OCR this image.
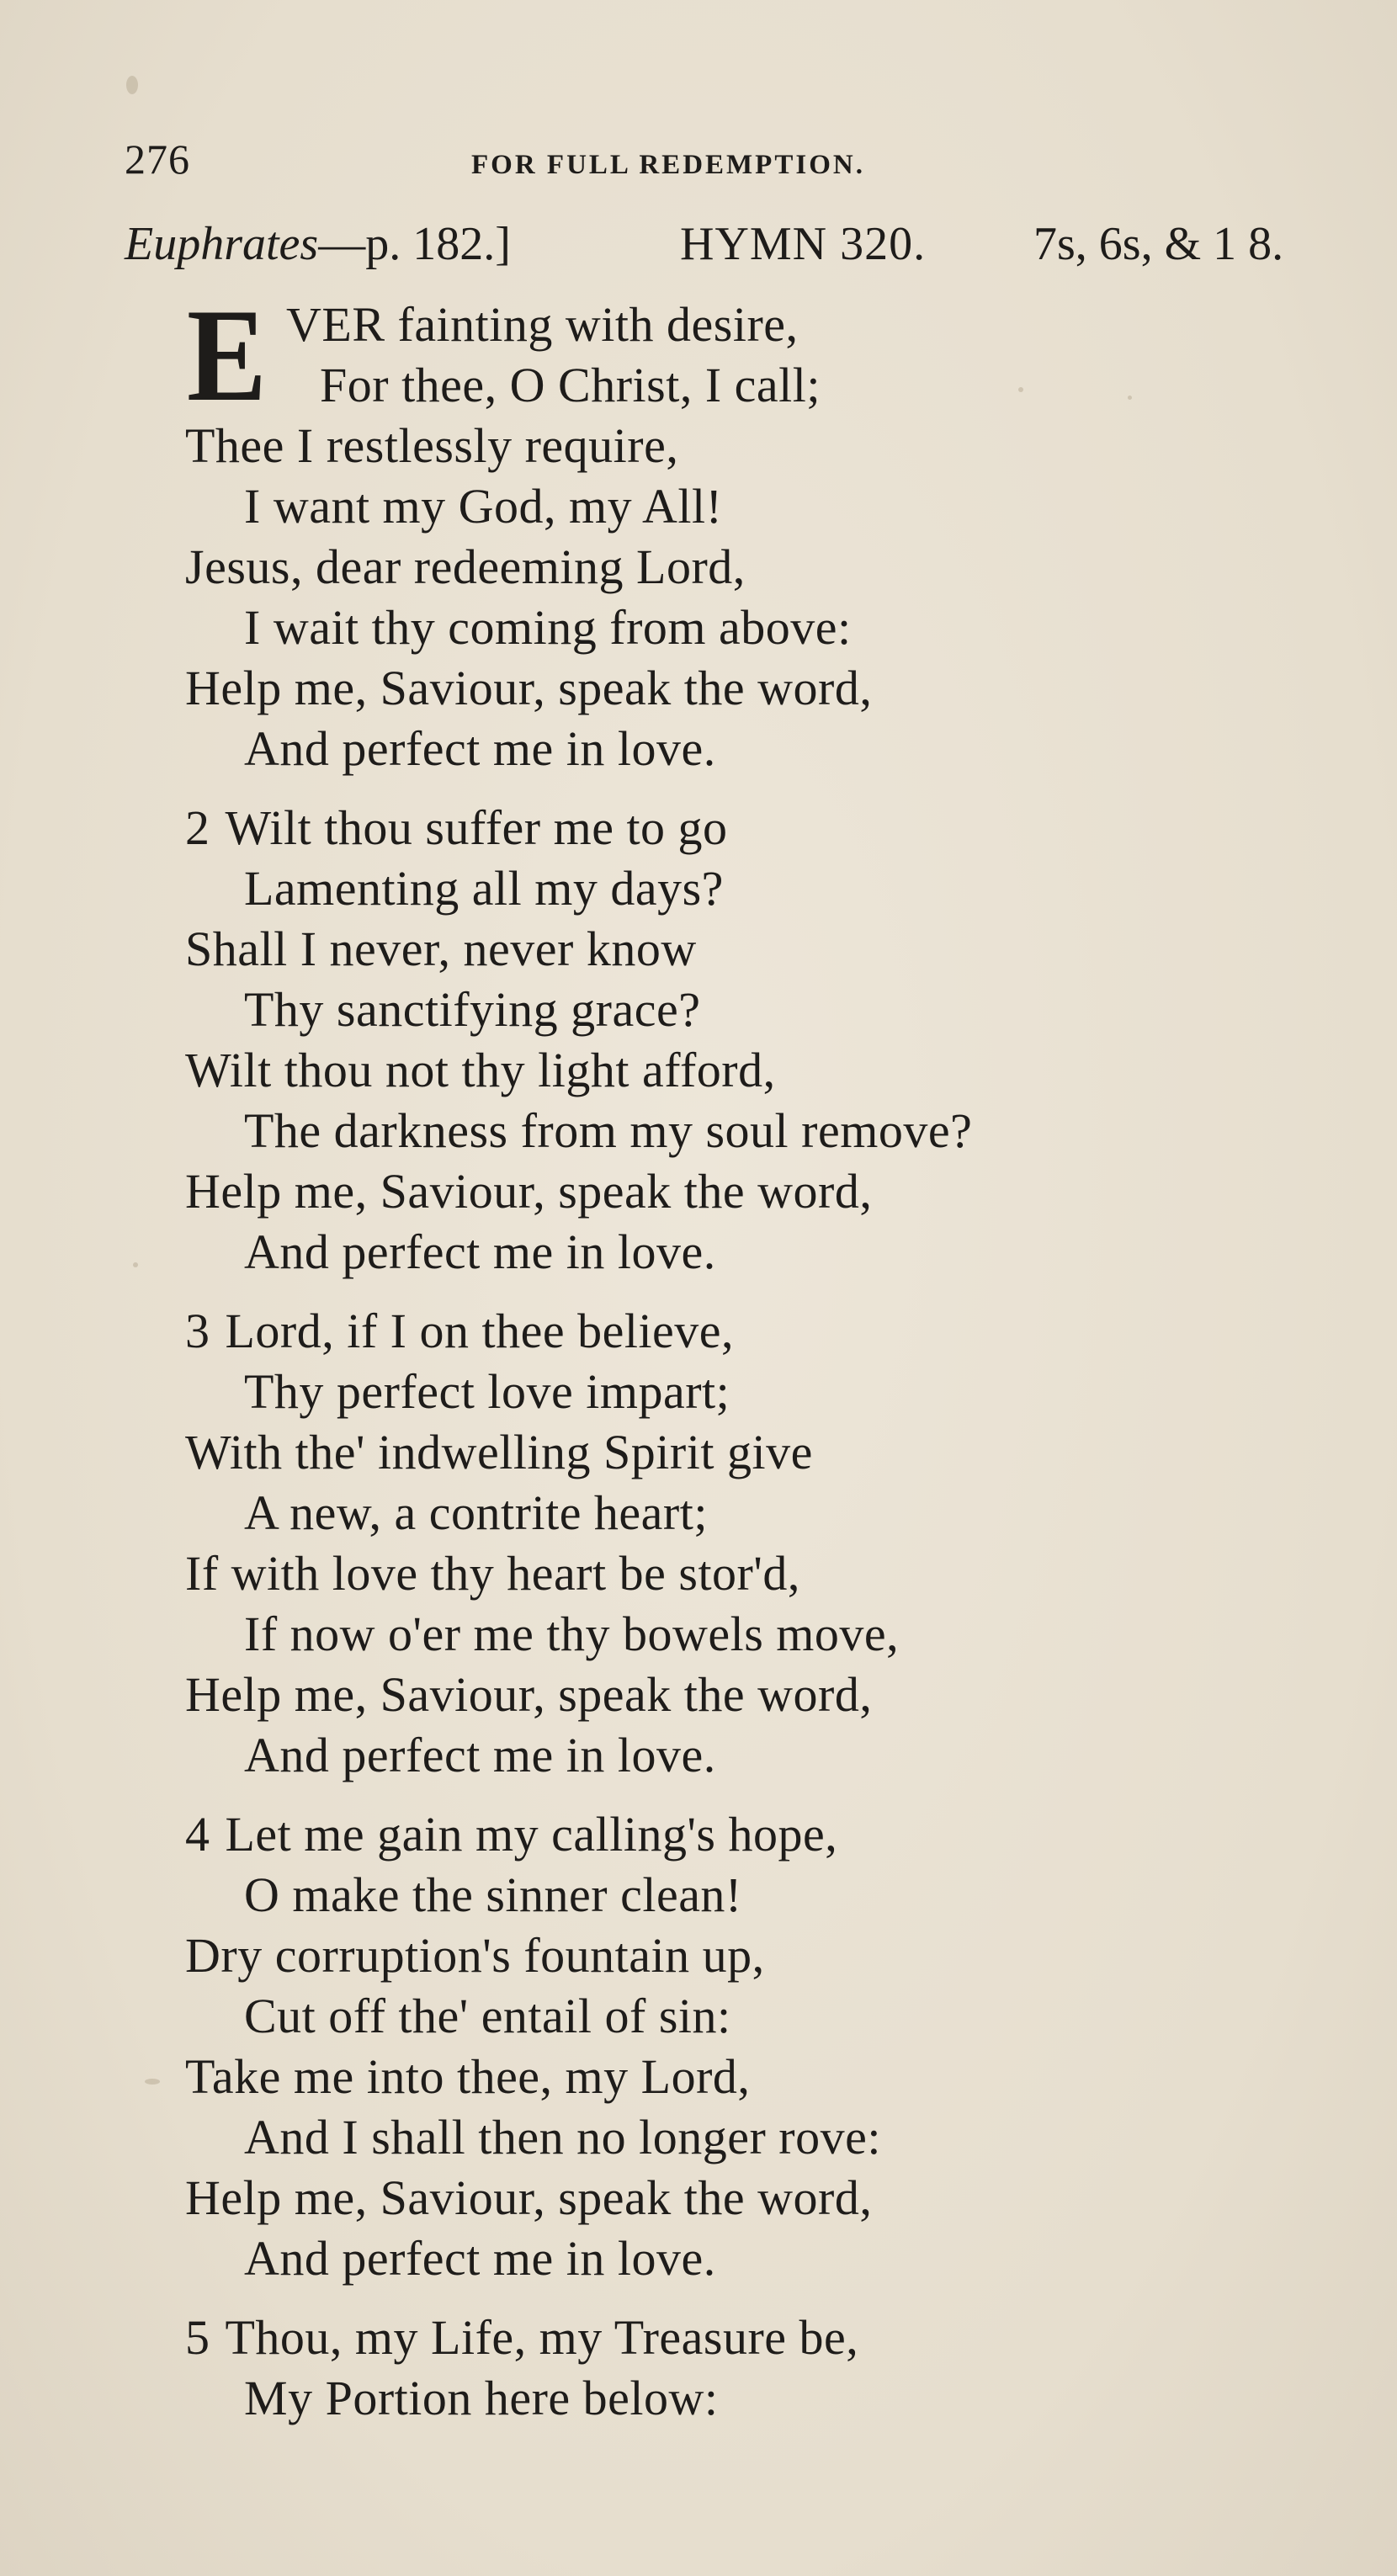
276	FOR FULL REDEMPTION.
Euphrates—p. 182.]	HYMN 320. 7s, 6s, & 1 8.
E VER fainting with desire,
For thee, O Christ, I call;
Thee I restlessly require,
I want my God, my All!
Jesus, dear redeeming Lord,
I wait thy coming from above:
Help me, Saviour, speak the word,
And perfect me in love.
2 Wilt thou suffer me to go
Lamenting all my days?
Shall I never, never know
Thy sanctifying grace?
Wilt thou not thy light afford,
The darkness from my soul remove?
Help me, Saviour, speak the word,
And perfect me in love.
3 Lord, if I on thee believe,
Thy perfect love impart;
With the' indwelling Spirit give
A new, a contrite heart;
If with love thy heart be stor'd,
If now o'er me thy bowels move,
Help me, Saviour, speak the word,
And perfect me in love.
4 Let me gain my calling's hope,
O make the sinner clean!
Dry corruption's fountain up,
Cut off the' entail of sin:
Take me into thee, my Lord,
And I shall then no longer rove:
Help me, Saviour, speak the word,
And perfect me in love.
5 Thou, my Life, my Treasure be,
My Portion here below:
